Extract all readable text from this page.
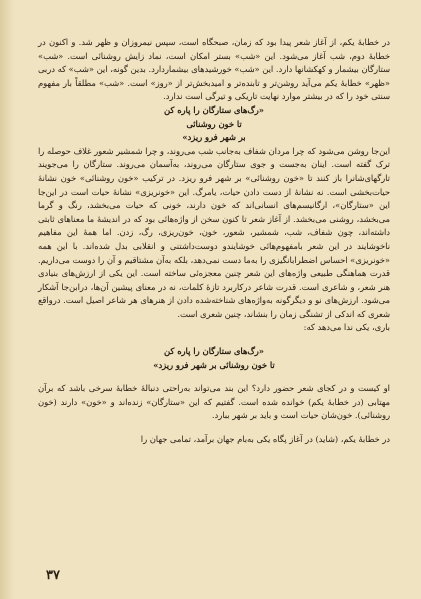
در خطابهٔ یکم، از آغاز شعر پیدا بود که زمان، صبحگاه است، سپس نیمروزان و ظهر شد. و اکنون در خطابهٔ دوم، شب آغاز می‌شود. این «شب» بستر امکان است، نماد زایش روشنائی است. «شب» ستارگان بیشمار و کهکشانها دارد. این «شب» خورشیدهای بیشماردارد. بدین گونه، این «شب» که دربی «ظهر» خطابهٔ یکم می‌آید روشن‌تر و تابنده‌تر و امیدبخش‌تر از «روز» است. «شب» مطلقاً بار مفهوم سنتی خود را که در بیشتر موارد نهایت تاریکی و تیرگی است ندارد.

«رگ‌های ستارگان را پاره کن

تا خون روشنائی

بر شهر فرو ریزد»

این‌جا روشن می‌شود که چرا مردان شفاف به‌جانب شب می‌روند، و چرا شمشیر شعور غلاف حوصله را ترک گفته است. اینان به‌جست و جوی ستارگان می‌روند، به‌آسمان می‌روند. ستارگان را می‌جویند تارگهای‌شانرا باز کنند تا «خون روشنائی» بر شهر فرو ریزد. در ترکیب «خون روشنائی» خون نشانهٔ حیات‌بخشی است. نه نشانهٔ از دست دادن حیات، یامرگ. این «خونریزی» نشانهٔ حیات است در این‌جا این «ستارگان»، ارگانیسم‌های انسانی‌اند که خون دارند، خونی که حیات می‌بخشد، رنگ و گرما می‌بخشد، روشنی می‌بخشد. از آغاز شعر تا کنون سخن از واژه‌هائی بود که در اندیشهٔ ما معناهای ثابتی داشته‌اند، چون شفاف، شب، شمشیر، شعور، خون، خون‌ریزی، رگ، زدن. اما همهٔ این مفاهیم ناخوشایند در این شعر بامفهوم‌هائی خوشایندو دوست‌داشتنی و انقلابی بدل شده‌اند. با این همه «خونریزی» احساس اضطرابانگیزی را به‌ما دست نمی‌دهد، بلکه به‌آن مشتاقیم و آن را دوست می‌داریم. قدرت هماهنگی طبیعی واژه‌های این شعر چنین معجزه‌ئی ساخته است. این یکی از ارزش‌های بنیادی هنر شعر، و شاعری است. قدرت شاعر درکاربرد تازهٔ کلمات، نه در معنای پیشین آن‌ها، درابن‌جا آشکار می‌شود. ارزش‌های نو و دیگرگونه به‌واژه‌های شناخته‌شده دادن از هنرهای هر شاعر اصیل است. درواقع شعری که اندکی از تشنگی زمان را بنشاند، چنین شعری است.

باری، یکی ندا می‌دهد که:

«رگ‌های ستارگان را پاره کن

تا خون روشنائی بر شهر فرو ریزد»

او کیست و در کجای شعر حضور دارد؟ این بند می‌تواند به‌راحتی دنبالهٔ خطابهٔ سرخی باشد که برآن مهتابی (در خطابهٔ یکم) خوانده شده است. گفتیم که این «ستارگان» زنده‌اند و «خون» دارند (خون روشنائی). خون‌شان حیات است و باید بر شهر ببارد.

در خطابهٔ یکم، (شاید) در آغاز پگاه یکی به‌بام جهان برآمد، تمامی جهان را

۳۷
